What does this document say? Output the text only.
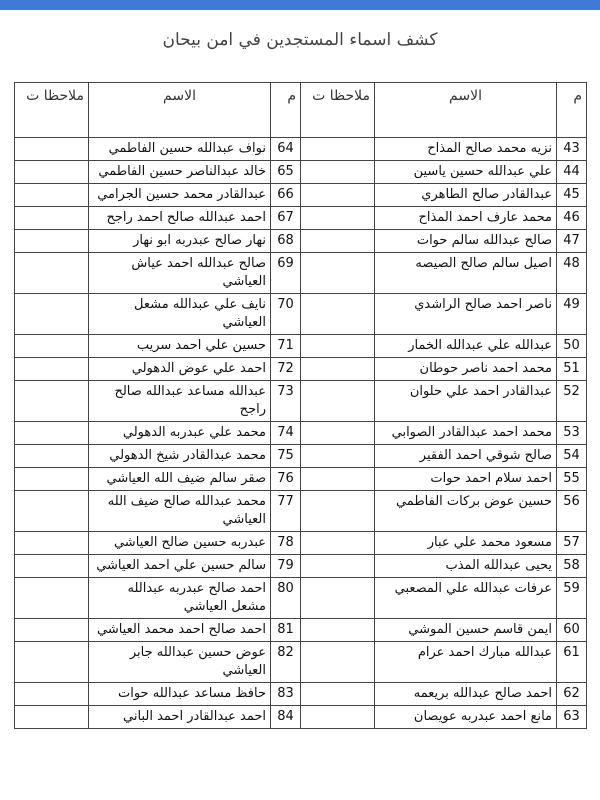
كشف اسماء المستجدين في امن بيحان
م	الاسم	ملاحظا ت	م	الاسم	ملاحظا ت
43	نزيه محمد صالح المذاح		64	نواف عبدالله حسين الفاطمي	
44	علي عبدالله حسين ياسين		65	خالد عبدالناصر حسين الفاطمي	
45	عبدالقادر صالح الطاهري		66	عبدالقادر محمد حسين الجرامي	
46	محمد عارف احمد المذاح		67	احمد عبدالله صالح احمد راجح	
47	صالح عبدالله سالم حوات		68	نهار صالح عبدربه ابو نهار	
48	اصيل سالم صالح الصيصه		69	صالح عبدالله احمد عياش العياشي	
49	ناصر احمد صالح الراشدي		70	نايف علي عبدالله مشعل العياشي	
50	عبدالله علي عبدالله الخمار		71	حسين علي احمد سريب	
51	محمد احمد ناصر حوطان		72	احمد علي عوض الدهولي	
52	عبدالقادر احمد علي حلوان		73	عبدالله مساعد عبدالله صالح راجح	
53	محمد احمد عبدالقادر الصوابي		74	محمد علي عبدربه الدهولي	
54	صالح شوقي احمد الفقير		75	محمد عبدالقادر شيخ الدهولي	
55	احمد سلام احمد حوات		76	صقر سالم ضيف الله العياشي	
56	حسين عوض بركات الفاطمي		77	محمد عبدالله صالح ضيف الله العياشي	
57	مسعود محمد علي عبار		78	عبدربه حسين صالح العياشي	
58	يحيى عبدالله المذب		79	سالم حسين علي احمد العياشي	
59	عرفات عبدالله علي المصعبي		80	احمد صالح عبدربه عبدالله مشعل العياشي	
60	ايمن قاسم حسين الموشي		81	احمد صالح احمد محمد العياشي	
61	عبدالله مبارك احمد عرام		82	عوض حسين عبدالله جابر العياشي	
62	احمد صالح عبدالله بريعمه		83	حافظ مساعد عبدالله حوات	
63	مانع احمد عبدربه عويصان		84	احمد عبدالقادر احمد الباني	
